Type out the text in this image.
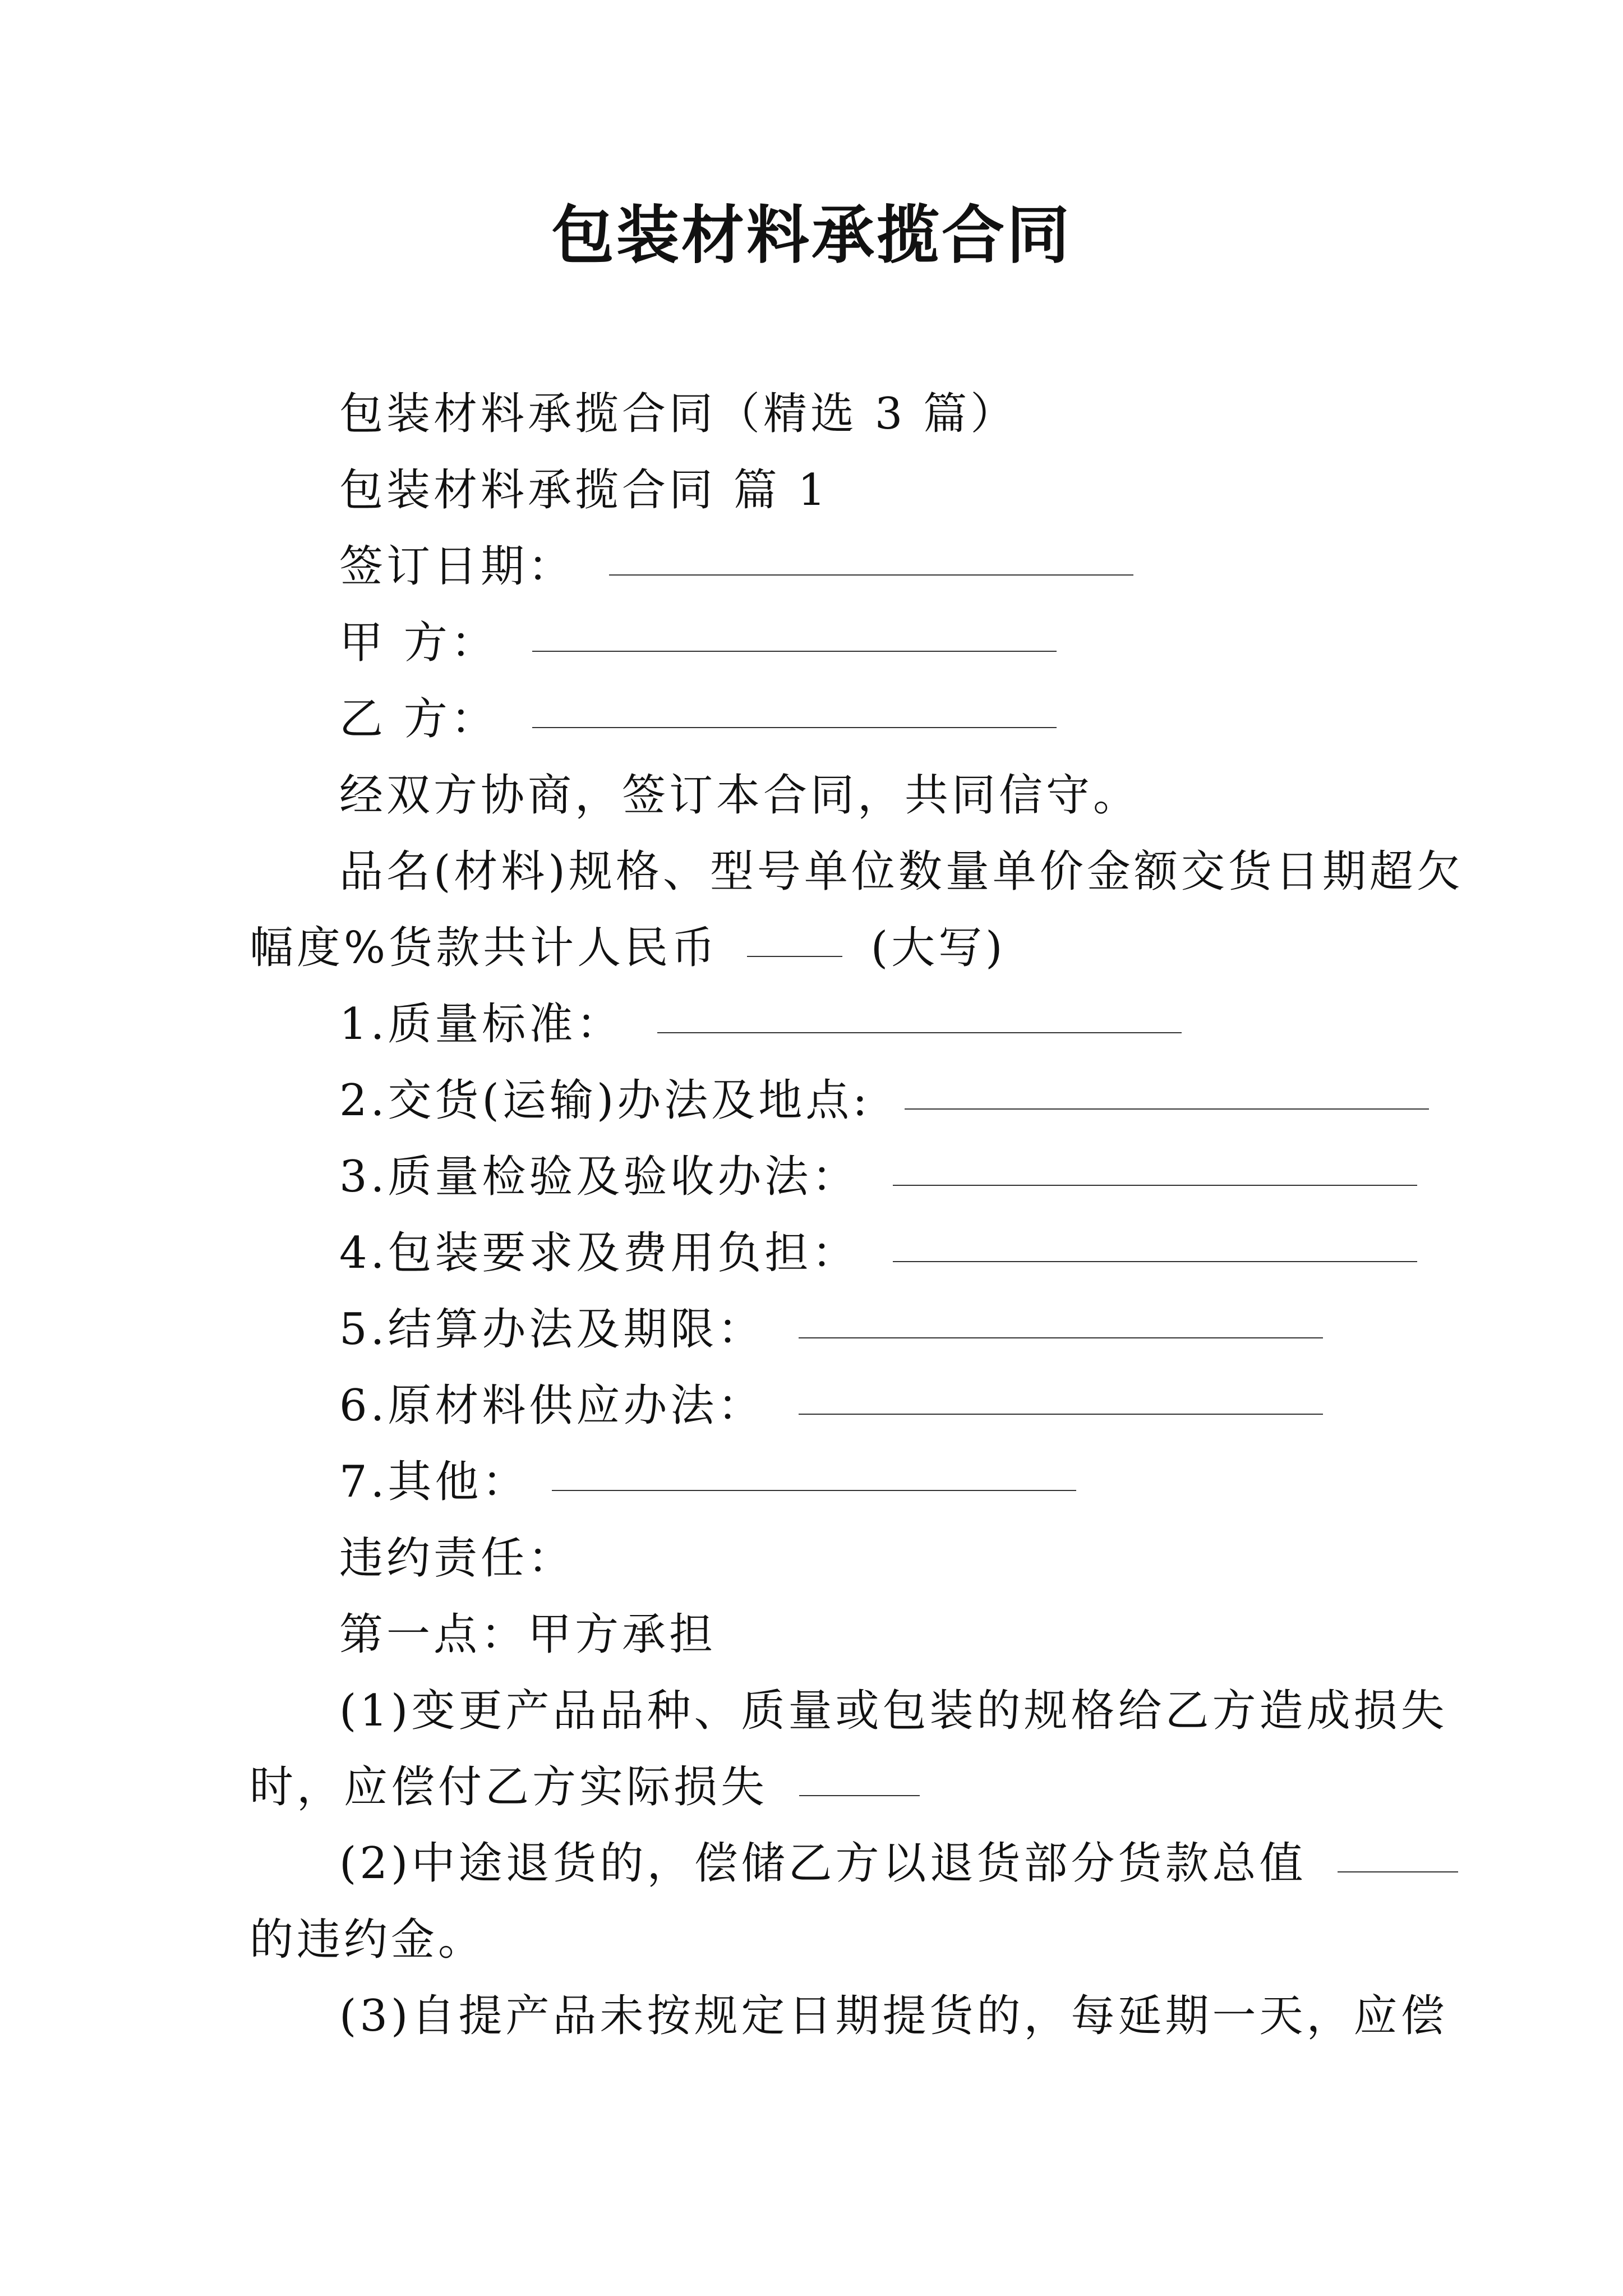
包装材料承揽合同
包装材料承揽合同（精选 3 篇）
包装材料承揽合同 篇 1
签订日期：
甲 方：
乙 方：
经双方协商，签订本合同，共同信守。
品名(材料)规格、型号单位数量单价金额交货日期超欠
幅度%货款共计人民币	(大写)
1.质量标准：
2.交货(运输)办法及地点:
3.质量检验及验收办法：
4.包装要求及费用负担：
5.结算办法及期限：
6.原材料供应办法：
7.其他：
违约责任：
第一点：甲方承担
(1)变更产品品种、质量或包装的规格给乙方造成损失
时，应偿付乙方实际损失
(2)中途退货的，偿储乙方以退货部分货款总值
的违约金。
(3)自提产品未按规定日期提货的，每延期一天，应偿
